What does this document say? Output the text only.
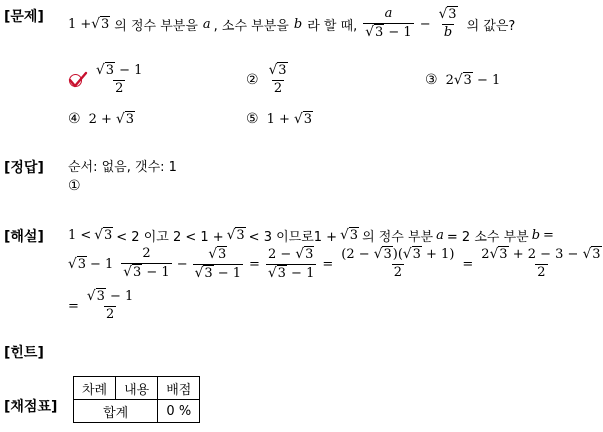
[문제]
[정답]
[해설]
[힌트]
[채점표]
1 + √3 의 정수 부분을 a , 소수 부분을 b 라 할 때, $\frac{a}{√3 - 1} - \frac{√3}{b}$ 의 값은?
$\frac{√3 - 1}{2}$	② $\frac{√3}{2}$	③ 2√3 − 1
④ 2 + √3	⑤ 1 + √3
순서: 없음, 갯수: 1
①
1 < √3 < 2 이고 2 < 1 + √3 < 3 이므로1 + √3 의 정수 부분 a = 2 소수 부분 b =
$√3 - 1 \frac{2}{√3 - 1} - \frac{√3}{√3 - 1} = \frac{2 - √3}{√3 - 1} = \frac{(2 - √3)(√3 + 1)}{2} = \frac{2√3 + 2 - 3 - √3}{2}$
= $\frac{√3 - 1}{2}$
차례	내용	배점
합계		0 %
